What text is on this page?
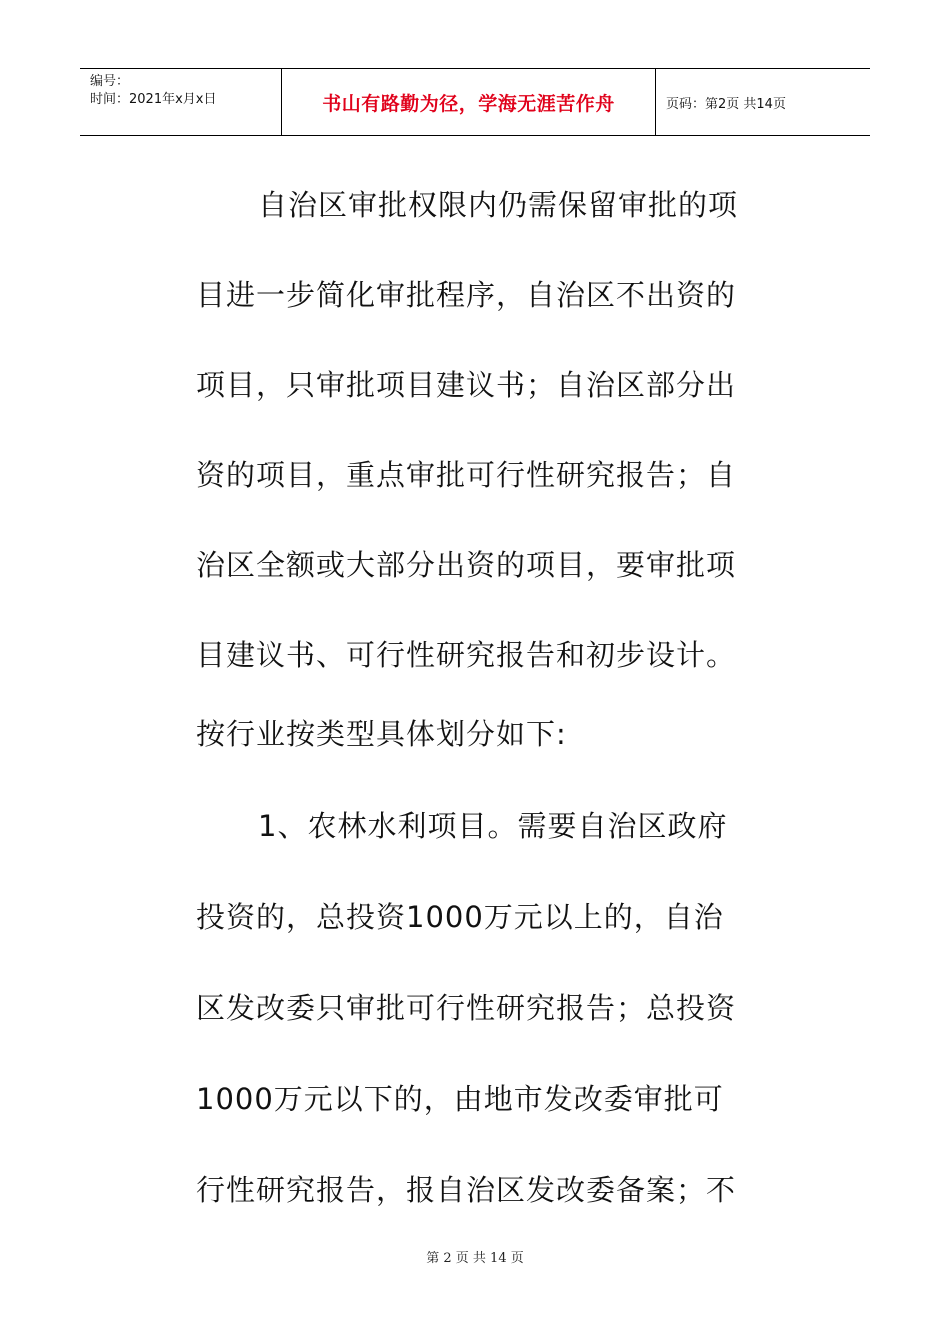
编号：
时间：2021年x月x日	书山有路勤为径，学海无涯苦作舟	页码：第2页 共14页
自治区审批权限内仍需保留审批的项
目进一步简化审批程序，自治区不出资的
项目，只审批项目建议书；自治区部分出
资的项目，重点审批可行性研究报告；自
治区全额或大部分出资的项目，要审批项
目建议书、可行性研究报告和初步设计。
按行业按类型具体划分如下:
1、农林水利项目。需要自治区政府
投资的，总投资1000万元以上的，自治
区发改委只审批可行性研究报告；总投资
1000万元以下的，由地市发改委审批可
行性研究报告，报自治区发改委备案；不
第 2 页 共 14 页
